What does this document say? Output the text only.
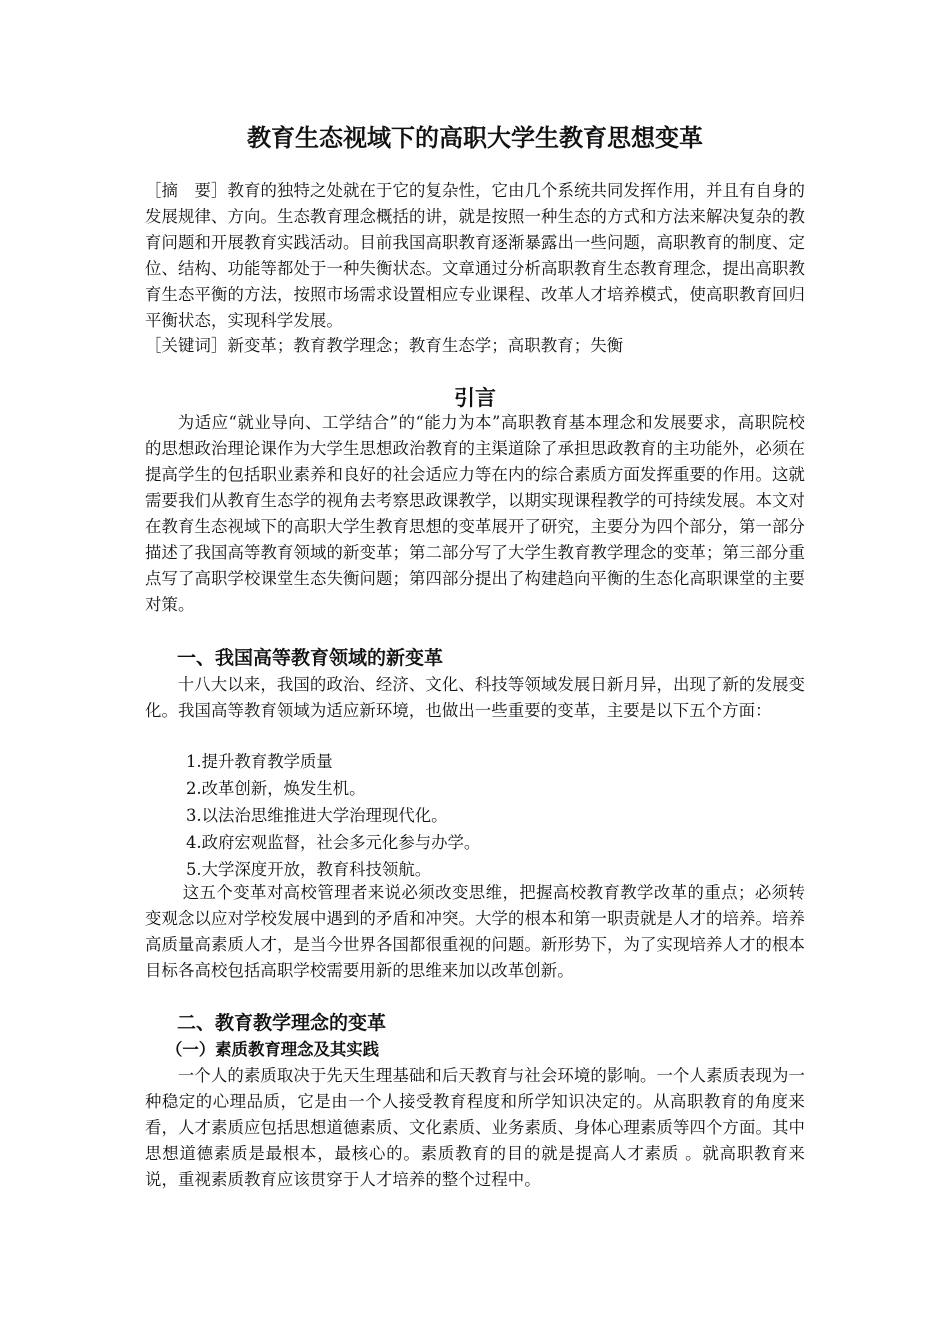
教育生态视域下的高职大学生教育思想变革

［摘　要］教育的独特之处就在于它的复杂性，它由几个系统共同发挥作用，并且有自身的发展规律、方向。生态教育理念概括的讲，就是按照一种生态的方式和方法来解决复杂的教育问题和开展教育实践活动。目前我国高职教育逐渐暴露出一些问题，高职教育的制度、定位、结构、功能等都处于一种失衡状态。文章通过分析高职教育生态教育理念，提出高职教育生态平衡的方法，按照市场需求设置相应专业课程、改革人才培养模式，使高职教育回归平衡状态，实现科学发展。

［关键词］新变革；教育教学理念；教育生态学；高职教育；失衡

引言

为适应“就业导向、工学结合”的“能力为本”高职教育基本理念和发展要求，高职院校的思想政治理论课作为大学生思想政治教育的主渠道除了承担思政教育的主功能外，必须在提高学生的包括职业素养和良好的社会适应力等在内的综合素质方面发挥重要的作用。这就需要我们从教育生态学的视角去考察思政课教学，以期实现课程教学的可持续发展。本文对在教育生态视域下的高职大学生教育思想的变革展开了研究，主要分为四个部分，第一部分描述了我国高等教育领域的新变革；第二部分写了大学生教育教学理念的变革；第三部分重点写了高职学校课堂生态失衡问题；第四部分提出了构建趋向平衡的生态化高职课堂的主要对策。

一、我国高等教育领域的新变革

十八大以来，我国的政治、经济、文化、科技等领域发展日新月异，出现了新的发展变化。我国高等教育领域为适应新环境，也做出一些重要的变革，主要是以下五个方面：

1.提升教育教学质量
2.改革创新，焕发生机。
3.以法治思维推进大学治理现代化。
4.政府宏观监督，社会多元化参与办学。
5.大学深度开放，教育科技领航。

这五个变革对高校管理者来说必须改变思维，把握高校教育教学改革的重点；必须转变观念以应对学校发展中遇到的矛盾和冲突。大学的根本和第一职责就是人才的培养。培养高质量高素质人才，是当今世界各国都很重视的问题。新形势下，为了实现培养人才的根本目标各高校包括高职学校需要用新的思维来加以改革创新。

二、教育教学理念的变革
（一）素质教育理念及其实践

一个人的素质取决于先天生理基础和后天教育与社会环境的影响。一个人素质表现为一种稳定的心理品质，它是由一个人接受教育程度和所学知识决定的。从高职教育的角度来看，人才素质应包括思想道德素质、文化素质、业务素质、身体心理素质等四个方面。其中思想道德素质是最根本，最核心的。素质教育的目的就是提高人才素质 。就高职教育来说，重视素质教育应该贯穿于人才培养的整个过程中。
